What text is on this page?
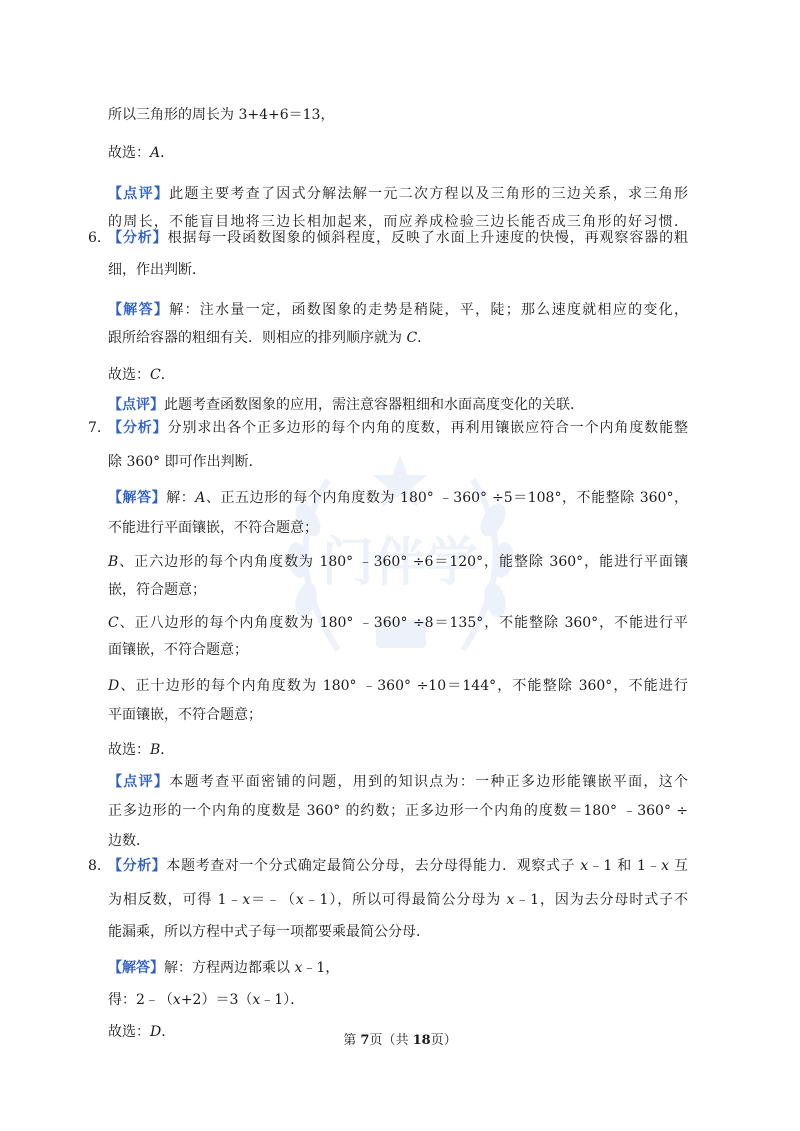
门伴学
6.
7.
8.
所以三角形的周长为 3+4+6＝13，
故选：A．
【点评】此题主要考查了因式分解法解一元二次方程以及三角形的三边关系，求三角形
的周长，不能盲目地将三边长相加起来，而应养成检验三边长能否成三角形的好习惯．
【分析】根据每一段函数图象的倾斜程度，反映了水面上升速度的快慢，再观察容器的粗
细，作出判断．
【解答】解：注水量一定，函数图象的走势是稍陡，平，陡；那么速度就相应的变化，
跟所给容器的粗细有关．则相应的排列顺序就为 C．
故选：C．
【点评】此题考查函数图象的应用，需注意容器粗细和水面高度变化的关联．
【分析】分别求出各个正多边形的每个内角的度数，再利用镶嵌应符合一个内角度数能整
除 360° 即可作出判断．
【解答】解：A、正五边形的每个内角度数为 180° ﹣360° ÷5＝108°，不能整除 360°，
不能进行平面镶嵌，不符合题意；
B、正六边形的每个内角度数为 180° ﹣360° ÷6＝120°，能整除 360°，能进行平面镶
嵌，符合题意；
C、正八边形的每个内角度数为 180° ﹣360° ÷8＝135°，不能整除 360°，不能进行平
面镶嵌，不符合题意；
D、正十边形的每个内角度数为 180° ﹣360° ÷10＝144°，不能整除 360°，不能进行
平面镶嵌，不符合题意；
故选：B．
【点评】本题考查平面密铺的问题，用到的知识点为：一种正多边形能镶嵌平面，这个
正多边形的一个内角的度数是 360° 的约数；正多边形一个内角的度数＝180° ﹣360° ÷
边数．
【分析】本题考查对一个分式确定最简公分母，去分母得能力．观察式子 x﹣1 和 1﹣x 互
为相反数，可得 1﹣x＝﹣（x﹣1），所以可得最简公分母为 x﹣1，因为去分母时式子不
能漏乘，所以方程中式子每一项都要乘最简公分母．
【解答】解：方程两边都乘以 x﹣1，
得：2﹣（x+2）＝3（x﹣1）．
故选：D．
第 7页（共 18页）
